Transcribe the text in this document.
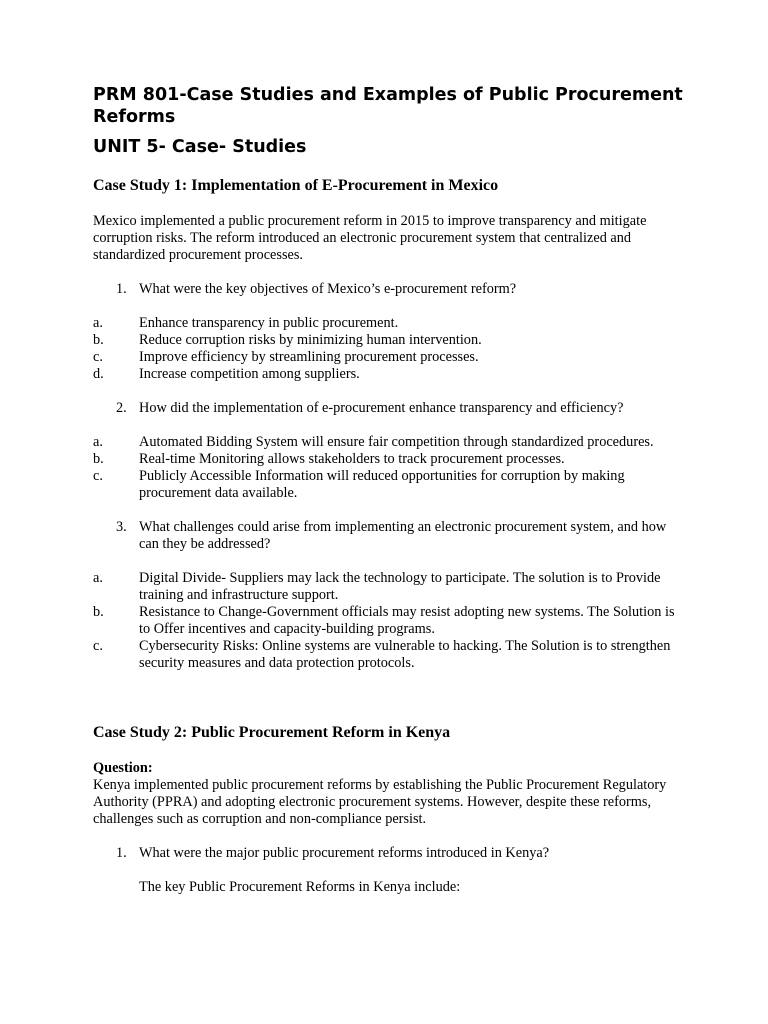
PRM 801-Case Studies and Examples of Public Procurement Reforms
UNIT 5- Case- Studies
Case Study 1: Implementation of E-Procurement in Mexico

Mexico implemented a public procurement reform in 2015 to improve transparency and mitigate corruption risks. The reform introduced an electronic procurement system that centralized and standardized procurement processes.

1. What were the key objectives of Mexico’s e-procurement reform?
a.	Enhance transparency in public procurement.
b. Reduce corruption risks by minimizing human intervention.
c.	Improve efficiency by streamlining procurement processes.
d. Increase competition among suppliers.
2. How did the implementation of e-procurement enhance transparency and efficiency?
a.	Automated Bidding System will ensure fair competition through standardized procedures.
b. Real-time Monitoring allows stakeholders to track procurement processes.
c.	Publicly Accessible Information will reduced opportunities for corruption by making procurement data available.
3. What challenges could arise from implementing an electronic procurement system, and how can they be addressed?
a.	Digital Divide- Suppliers may lack the technology to participate. The solution is to Provide training and infrastructure support.
b. Resistance to Change-Government officials may resist adopting new systems. The Solution is to Offer incentives and capacity-building programs.
c.	Cybersecurity Risks: Online systems are vulnerable to hacking. The Solution is to strengthen security measures and data protection protocols.
Case Study 2: Public Procurement Reform in Kenya

Question:

Kenya implemented public procurement reforms by establishing the Public Procurement Regulatory Authority (PPRA) and adopting electronic procurement systems. However, despite these reforms, challenges such as corruption and non-compliance persist.

1. What were the major public procurement reforms introduced in Kenya?
The key Public Procurement Reforms in Kenya include:
